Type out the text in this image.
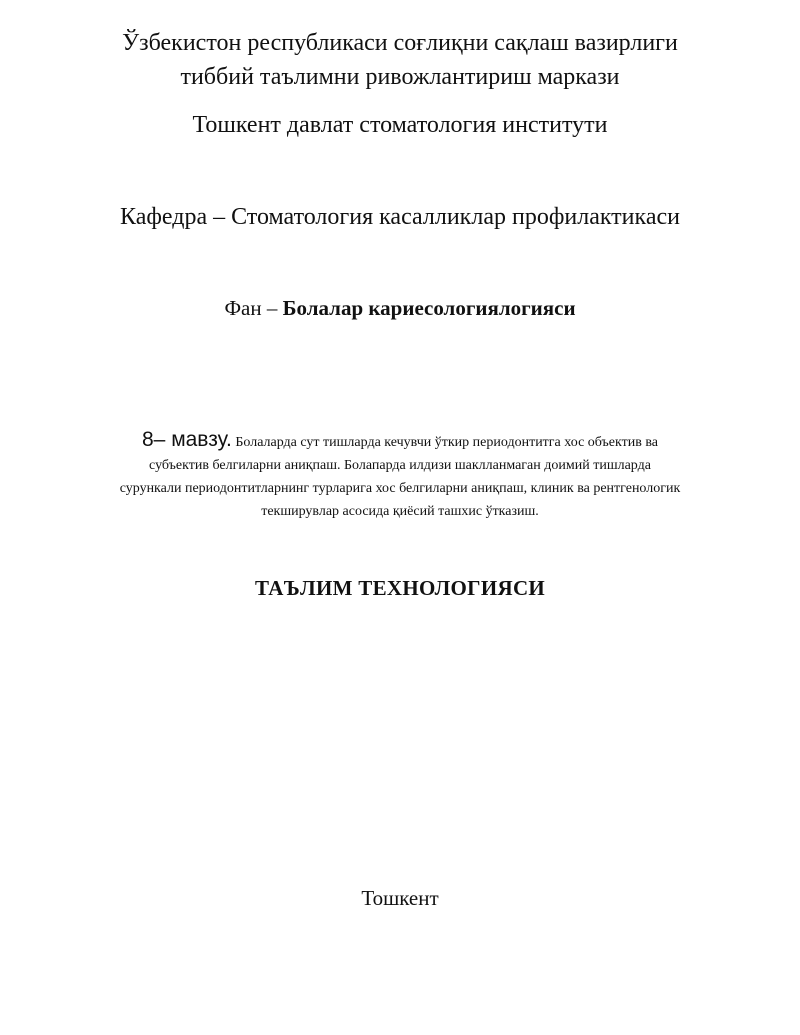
Ўзбекистон республикаси соғлиқни сақлаш вазирлиги
тиббий таълимни ривожлантириш маркази
Тошкент давлат стоматология институти
Кафедра – Стоматология касалликлар профилактикаси
Фан – Болалар кариесологиялогияси
8– мавзу. Болаларда сут тишларда кечувчи ўткир периодонтитга хос объектив ва
субъектив белгиларни аниқпаш. Болапарда илдизи шаклланмаган доимий тишларда
сурункали периодонтитларнинг турларига хос белгиларни аниқпаш, клиник ва рентгенологик
текширувлар асосида қиёсий ташхис ўтказиш.
ТАЪЛИМ ТЕХНОЛОГИЯСИ
Тошкент
